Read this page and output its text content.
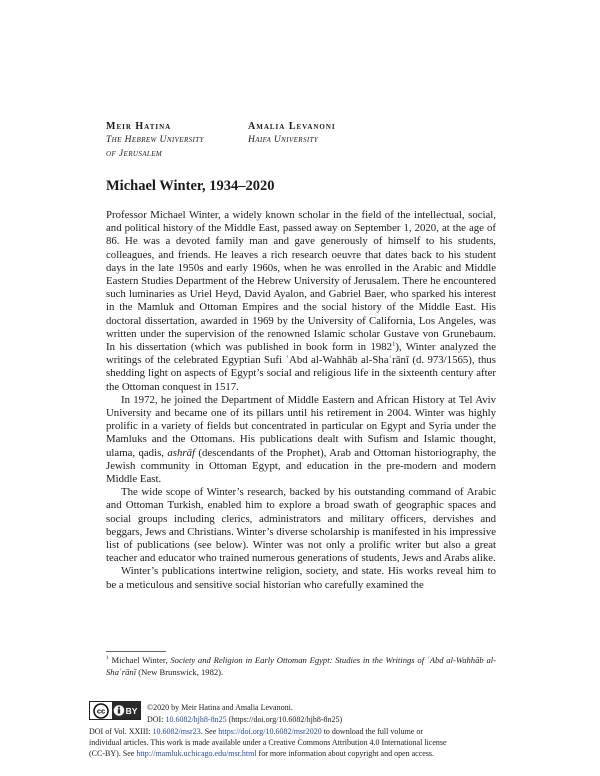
Meir Hatina
The Hebrew University
of Jerusalem
Amalia Levanoni
Haifa University
Michael Winter, 1934–2020

Professor Michael Winter, a widely known scholar in the field of the intellectual, social, and political history of the Middle East, passed away on September 1, 2020, at the age of 86. He was a devoted family man and gave generously of himself to his students, colleagues, and friends. He leaves a rich research oeuvre that dates back to his student days in the late 1950s and early 1960s, when he was enrolled in the Arabic and Middle Eastern Studies Department of the Hebrew University of Jerusalem. There he encountered such luminaries as Uriel Heyd, David Ayalon, and Gabriel Baer, who sparked his interest in the Mamluk and Ottoman Empires and the social history of the Middle East. His doctoral dissertation, awarded in 1969 by the University of California, Los Angeles, was written under the supervision of the renowned Islamic scholar Gustave von Grunebaum. In his dissertation (which was published in book form in 1982$^1$), Winter analyzed the writings of the celebrated Egyptian Sufi ʿAbd al-Wahhāb al-Shaʿrānī (d. 973/1565), thus shedding light on aspects of Egypt’s social and religious life in the sixteenth century after the Ottoman conquest in 1517.

In 1972, he joined the Department of Middle Eastern and African History at Tel Aviv University and became one of its pillars until his retirement in 2004. Winter was highly prolific in a variety of fields but concentrated in particular on Egypt and Syria under the Mamluks and the Ottomans. His publications dealt with Sufism and Islamic thought, ulama, qadis, ashrāf (descendants of the Prophet), Arab and Ottoman historiography, the Jewish community in Ottoman Egypt, and education in the pre-modern and modern Middle East.

The wide scope of Winter’s research, backed by his outstanding command of Arabic and Ottoman Turkish, enabled him to explore a broad swath of geographic spaces and social groups including clerics, administrators and military officers, dervishes and beggars, Jews and Christians. Winter’s diverse scholarship is manifested in his impressive list of publications (see below). Winter was not only a prolific writer but also a great teacher and educator who trained numerous generations of students, Jews and Arabs alike.

Winter’s publications intertwine religion, society, and state. His works reveal him to be a meticulous and sensitive social historian who carefully examined the

$^1$ Michael Winter, Society and Religion in Early Ottoman Egypt: Studies in the Writings of ʿAbd al-Wahhāb al-Shaʿrānī (New Brunswick, 1982).
cc BY ©2020 by Meir Hatina and Amalia Levanoni.
DOI: 10.6082/hjh8-8n25 (https://doi.org/10.6082/hjh8-8n25)
DOI of Vol. XXIII: 10.6082/msr23. See https://doi.org/10.6082/msr2020 to download the full volume or
individual articles. This work is made available under a Creative Commons Attribution 4.0 International license
(CC-BY). See http://mamluk.uchicago.edu/msr.html for more information about copyright and open access.
